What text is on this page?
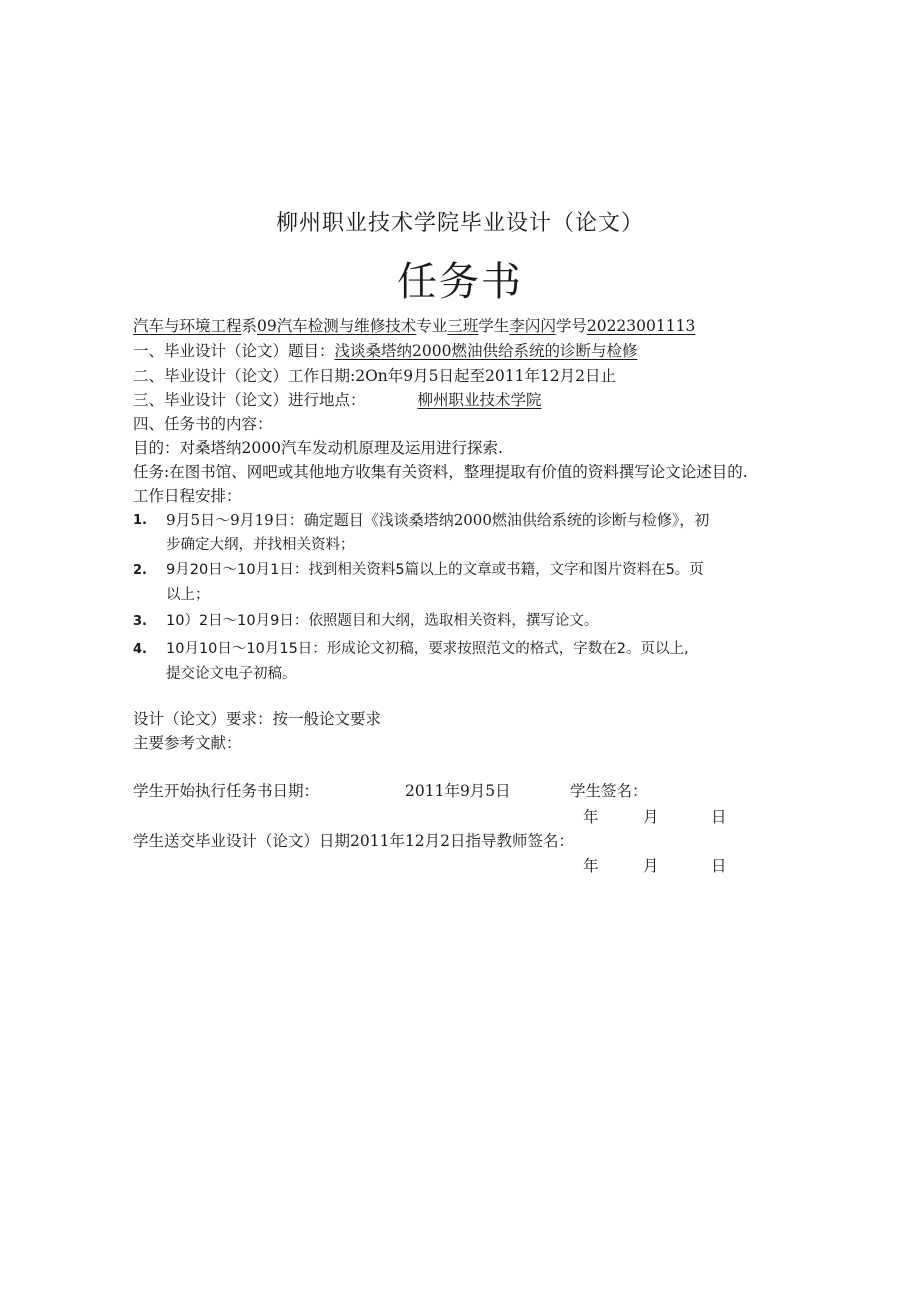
柳州职业技术学院毕业设计（论文）
任务书
汽车与环境工程系09汽车检测与维修技术专业三班学生李闪闪学号20223001113
一、毕业设计（论文）题目：浅谈桑塔纳2000燃油供给系统的诊断与检修
二、毕业设计（论文）工作日期:2On年9月5日起至2011年12月2日止
三、毕业设计（论文）进行地点：	柳州职业技术学院
四、任务书的内容：
目的：对桑塔纳2000汽车发动机原理及运用进行探索.
任务:在图书馆、网吧或其他地方收集有关资料，整理提取有价值的资料撰写论文论述目的.
工作日程安排：
1.	9月5日～9月19日：确定题目《浅谈桑塔纳2000燃油供给系统的诊断与检修》，初
步确定大纲，并找相关资料；
2.	9月20日〜10月1日：找到相关资料5篇以上的文章或书籍，文字和图片资料在5。页
以上；
3.	10）2日〜10月9日：依照题目和大纲，选取相关资料，撰写论文。
4.	10月10日〜10月15日：形成论文初稿，要求按照范文的格式，字数在2。页以上,
提交论文电子初稿。
设计（论文）要求：按一般论文要求
主要参考文献：
学生开始执行任务书日期：	2011年9月5日	学生签名：
年	月	日
学生送交毕业设计（论文）日期2011年12月2日指导教师签名：
年	月	日
